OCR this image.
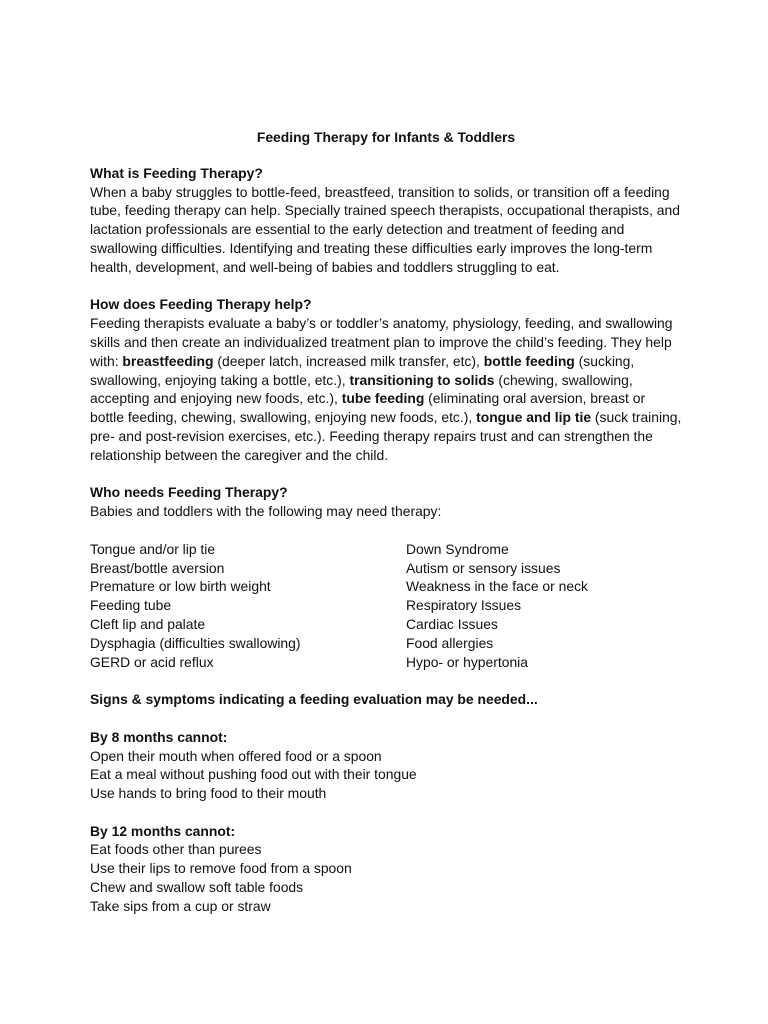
Feeding Therapy for Infants & Toddlers
What is Feeding Therapy?

When a baby struggles to bottle-feed, breastfeed, transition to solids, or transition off a feeding tube, feeding therapy can help. Specially trained speech therapists, occupational therapists, and lactation professionals are essential to the early detection and treatment of feeding and swallowing difficulties. Identifying and treating these difficulties early improves the long-term health, development, and well-being of babies and toddlers struggling to eat.

How does Feeding Therapy help?

Feeding therapists evaluate a baby’s or toddler’s anatomy, physiology, feeding, and swallowing skills and then create an individualized treatment plan to improve the child’s feeding. They help with: breastfeeding (deeper latch, increased milk transfer, etc), bottle feeding (sucking, swallowing, enjoying taking a bottle, etc.), transitioning to solids (chewing, swallowing, accepting and enjoying new foods, etc.), tube feeding (eliminating oral aversion, breast or bottle feeding, chewing, swallowing, enjoying new foods, etc.), tongue and lip tie (suck training, pre- and post-revision exercises, etc.). Feeding therapy repairs trust and can strengthen the relationship between the caregiver and the child.

Who needs Feeding Therapy?

Babies and toddlers with the following may need therapy:

Tongue and/or lip tie
Breast/bottle aversion
Premature or low birth weight
Feeding tube
Cleft lip and palate
Dysphagia (difficulties swallowing)
GERD or acid reflux
Down Syndrome
Autism or sensory issues
Weakness in the face or neck
Respiratory Issues
Cardiac Issues
Food allergies
Hypo- or hypertonia
Signs & symptoms indicating a feeding evaluation may be needed...
By 8 months cannot:
Open their mouth when offered food or a spoon
Eat a meal without pushing food out with their tongue
Use hands to bring food to their mouth
By 12 months cannot:
Eat foods other than purees
Use their lips to remove food from a spoon
Chew and swallow soft table foods
Take sips from a cup or straw
